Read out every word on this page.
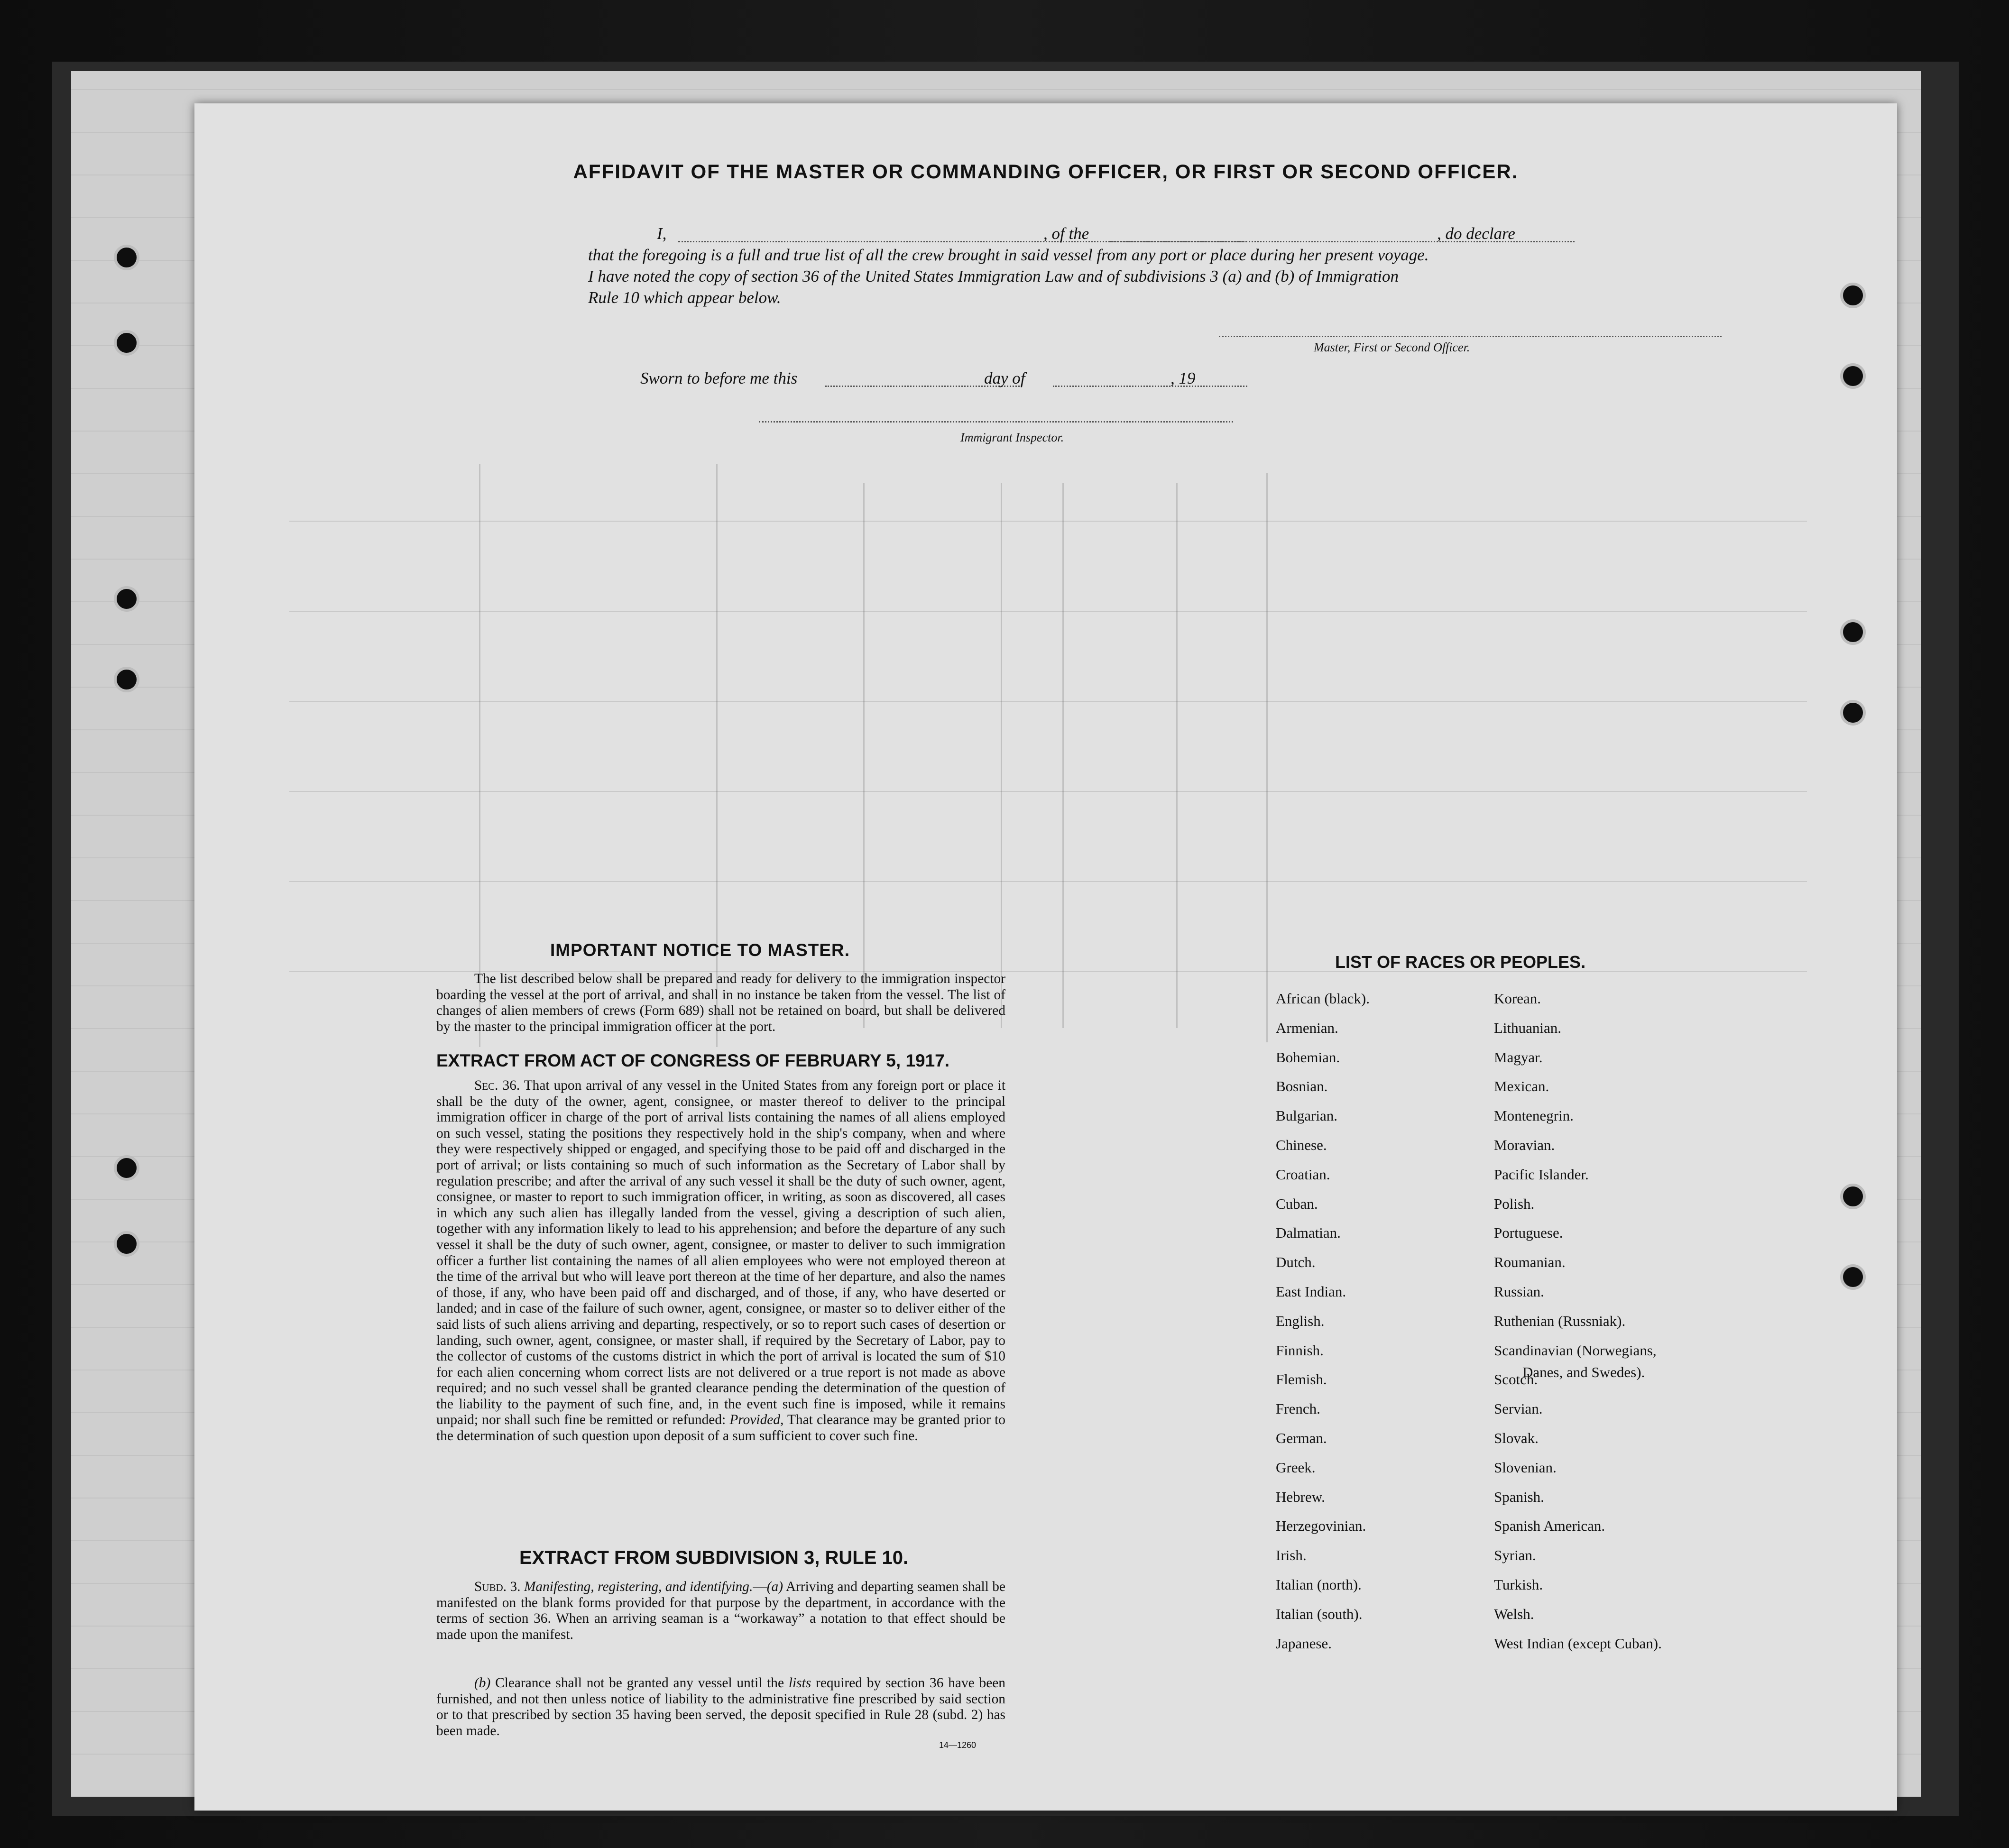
AFFIDAVIT OF THE MASTER OR COMMANDING OFFICER, OR FIRST OR SECOND OFFICER.
I,	, of the	, do declare
that the foregoing is a full and true list of all the crew brought in said vessel from any port or place during her present voyage.
I have noted the copy of section 36 of the United States Immigration Law and of subdivisions 3 (a) and (b) of Immigration
Rule 10 which appear below.
Master, First or Second Officer.
Sworn to before me this	day of	, 19
Immigrant Inspector.
IMPORTANT NOTICE TO MASTER.
The list described below shall be prepared and ready for delivery to the immigration inspector boarding the vessel at the port of arrival, and shall in no instance be taken from the vessel. The list of changes of alien members of crews (Form 689) shall not be retained on board, but shall be delivered by the master to the principal immigration officer at the port.
EXTRACT FROM ACT OF CONGRESS OF FEBRUARY 5, 1917.
Sec. 36. That upon arrival of any vessel in the United States from any foreign port or place it shall be the duty of the owner, agent, consignee, or master thereof to deliver to the principal immigration officer in charge of the port of arrival lists containing the names of all aliens employed on such vessel, stating the positions they respectively hold in the ship's company, when and where they were respectively shipped or engaged, and specifying those to be paid off and discharged in the port of arrival; or lists containing so much of such information as the Secretary of Labor shall by regulation prescribe; and after the arrival of any such vessel it shall be the duty of such owner, agent, consignee, or master to report to such immigration officer, in writing, as soon as discovered, all cases in which any such alien has illegally landed from the vessel, giving a description of such alien, together with any information likely to lead to his apprehension; and before the departure of any such vessel it shall be the duty of such owner, agent, consignee, or master to deliver to such immigration officer a further list containing the names of all alien employees who were not employed thereon at the time of the arrival but who will leave port thereon at the time of her departure, and also the names of those, if any, who have been paid off and discharged, and of those, if any, who have deserted or landed; and in case of the failure of such owner, agent, consignee, or master so to deliver either of the said lists of such aliens arriving and departing, respectively, or so to report such cases of desertion or landing, such owner, agent, consignee, or master shall, if required by the Secretary of Labor, pay to the collector of customs of the customs district in which the port of arrival is located the sum of $10 for each alien concerning whom correct lists are not delivered or a true report is not made as above required; and no such vessel shall be granted clearance pending the determination of the question of the liability to the payment of such fine, and, in the event such fine is imposed, while it remains unpaid; nor shall such fine be remitted or refunded: Provided, That clearance may be granted prior to the determination of such question upon deposit of a sum sufficient to cover such fine.
EXTRACT FROM SUBDIVISION 3, RULE 10.
Subd. 3. Manifesting, registering, and identifying.—(a) Arriving and departing seamen shall be manifested on the blank forms provided for that purpose by the department, in accordance with the terms of section 36. When an arriving seaman is a “workaway” a notation to that effect should be made upon the manifest.
(b) Clearance shall not be granted any vessel until the lists required by section 36 have been furnished, and not then unless notice of liability to the administrative fine prescribed by said section or to that prescribed by section 35 having been served, the deposit specified in Rule 28 (subd. 2) has been made.
14—1260
LIST OF RACES OR PEOPLES.
African (black).
Armenian.
Bohemian.
Bosnian.
Bulgarian.
Chinese.
Croatian.
Cuban.
Dalmatian.
Dutch.
East Indian.
English.
Finnish.
Flemish.
French.
German.
Greek.
Hebrew.
Herzegovinian.
Irish.
Italian (north).
Italian (south).
Japanese.
Korean.
Lithuanian.
Magyar.
Mexican.
Montenegrin.
Moravian.
Pacific Islander.
Polish.
Portuguese.
Roumanian.
Russian.
Ruthenian (Russniak).
Scandinavian (Norwegians,
Scotch.
Servian.
Slovak.
Slovenian.
Spanish.
Spanish American.
Syrian.
Turkish.
Welsh.
West Indian (except Cuban).
Danes, and Swedes).
